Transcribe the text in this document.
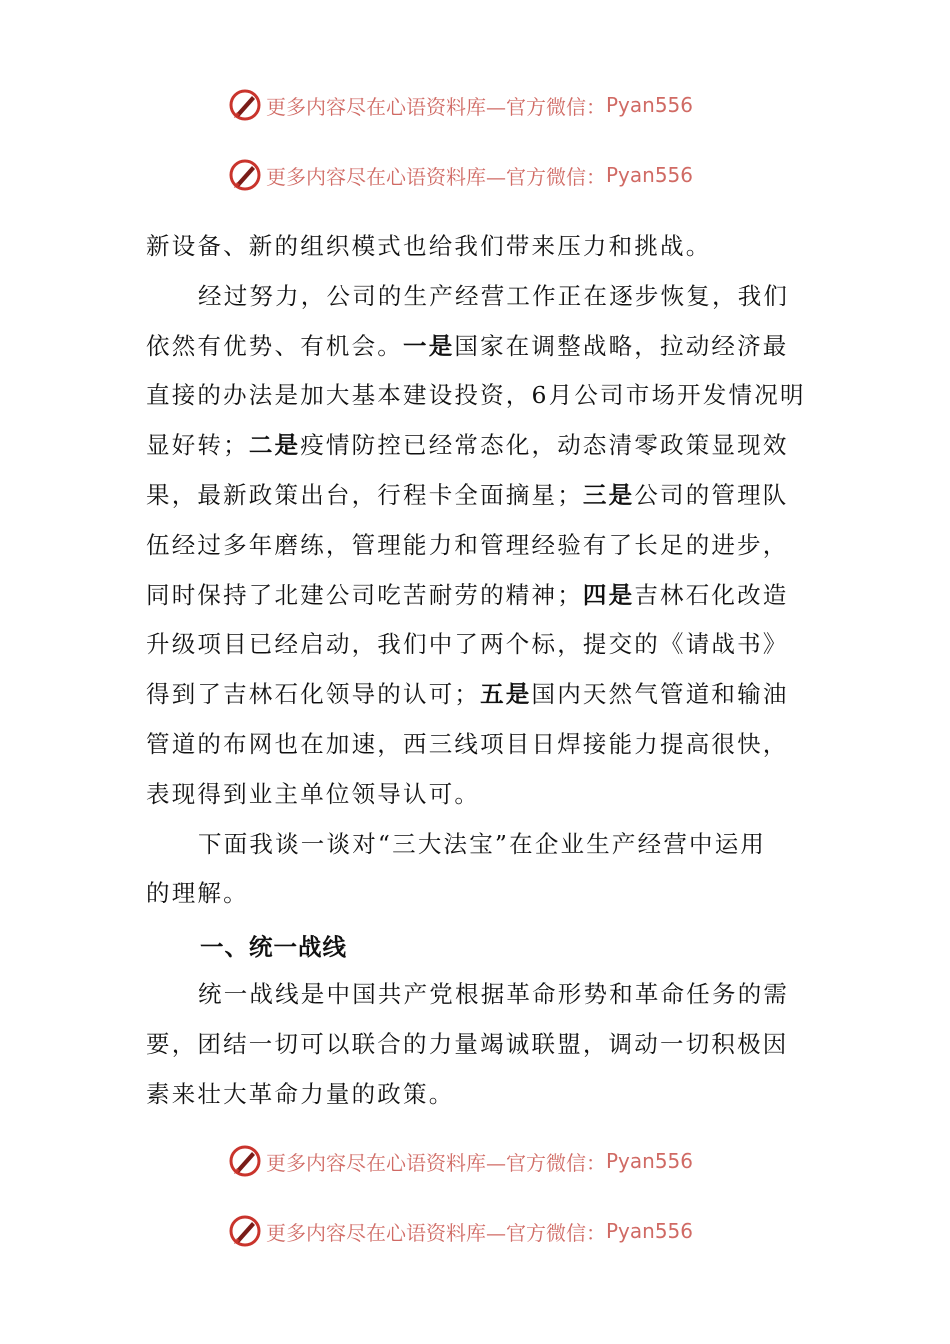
更多内容尽在心语资料库—官方微信： Pyan556
更多内容尽在心语资料库—官方微信： Pyan556
新设备、新的组织模式也给我们带来压力和挑战。
经过努力，公司的生产经营工作正在逐步恢复，我们
依然有优势、有机会。一是国家在调整战略，拉动经济最
直接的办法是加大基本建设投资，6月公司市场开发情况明
显好转；二是疫情防控已经常态化，动态清零政策显现效
果，最新政策出台，行程卡全面摘星；三是公司的管理队
伍经过多年磨练，管理能力和管理经验有了长足的进步，
同时保持了北建公司吃苦耐劳的精神；四是吉林石化改造
升级项目已经启动，我们中了两个标，提交的《请战书》
得到了吉林石化领导的认可；五是国内天然气管道和输油
管道的布网也在加速，西三线项目日焊接能力提高很快，
表现得到业主单位领导认可。
下面我谈一谈对“三大法宝”在企业生产经营中运用
的理解。
一、统一战线
统一战线是中国共产党根据革命形势和革命任务的需
要，团结一切可以联合的力量竭诚联盟，调动一切积极因
素来壮大革命力量的政策。
更多内容尽在心语资料库—官方微信： Pyan556
更多内容尽在心语资料库—官方微信： Pyan556
